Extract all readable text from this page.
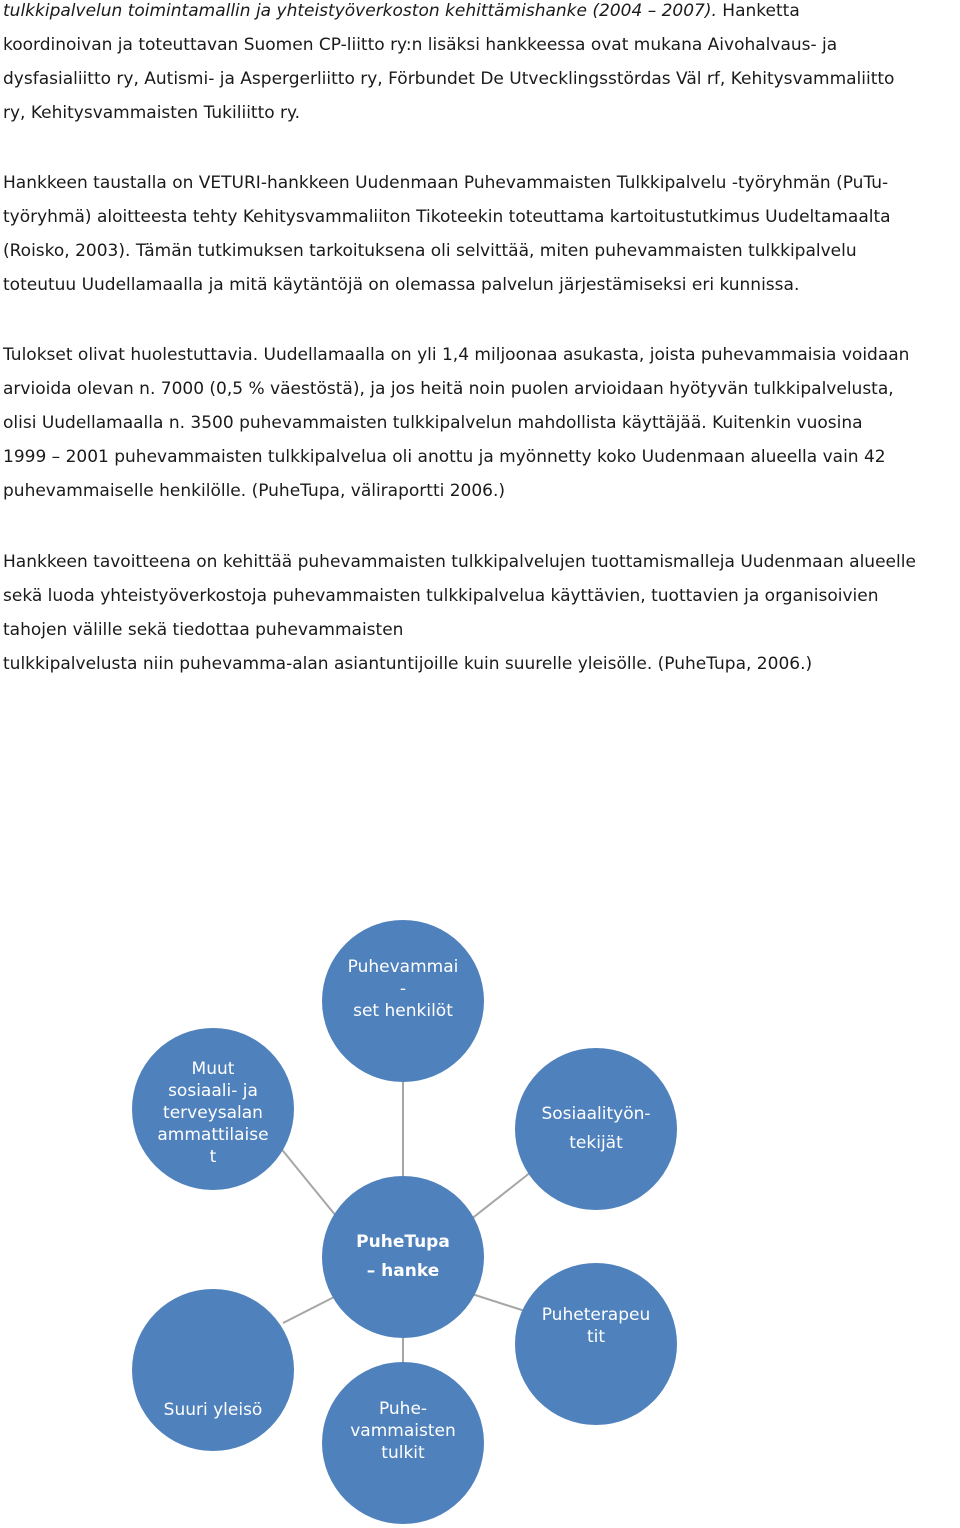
tulkkipalvelun toimintamallin ja yhteistyöverkoston kehittämishanke (2004 – 2007). Hanketta
koordinoivan ja toteuttavan Suomen CP-liitto ry:n lisäksi hankkeessa ovat mukana Aivohalvaus- ja
dysfasialiitto ry, Autismi- ja Aspergerliitto ry, Förbundet De Utvecklingsstördas Väl rf, Kehitysvammaliitto
ry, Kehitysvammaisten Tukiliitto ry.

Hankkeen taustalla on VETURI-hankkeen Uudenmaan Puhevammaisten Tulkkipalvelu -työryhmän (PuTu-
työryhmä) aloitteesta tehty Kehitysvammaliiton Tikoteekin toteuttama kartoitustutkimus Uudeltamaalta
(Roisko, 2003). Tämän tutkimuksen tarkoituksena oli selvittää, miten puhevammaisten tulkkipalvelu
toteutuu Uudellamaalla ja mitä käytäntöjä on olemassa palvelun järjestämiseksi eri kunnissa.

Tulokset olivat huolestuttavia. Uudellamaalla on yli 1,4 miljoonaa asukasta, joista puhevammaisia voidaan
arvioida olevan n. 7000 (0,5 % väestöstä), ja jos heitä noin puolen arvioidaan hyötyvän tulkkipalvelusta,
olisi Uudellamaalla n. 3500 puhevammaisten tulkkipalvelun mahdollista käyttäjää. Kuitenkin vuosina
1999 – 2001 puhevammaisten tulkkipalvelua oli anottu ja myönnetty koko Uudenmaan alueella vain 42
puhevammaiselle henkilölle. (PuheTupa, väliraportti 2006.)

Hankkeen tavoitteena on kehittää puhevammaisten tulkkipalvelujen tuottamismalleja Uudenmaan alueelle
sekä luoda yhteistyöverkostoja puhevammaisten tulkkipalvelua käyttävien, tuottavien ja organisoivien
tahojen välille sekä tiedottaa puhevammaisten
tulkkipalvelusta niin puhevamma-alan asiantuntijoille kuin suurelle yleisölle. (PuheTupa, 2006.)

Puhevammai
-
set henkilöt
Muut
sosiaali- ja
terveysalan
ammattilaise
t
Sosiaalityön-
tekijät
PuheTupa
– hanke
Suuri yleisö
Puheterapeu
tit
Puhe-
vammaisten
tulkit
